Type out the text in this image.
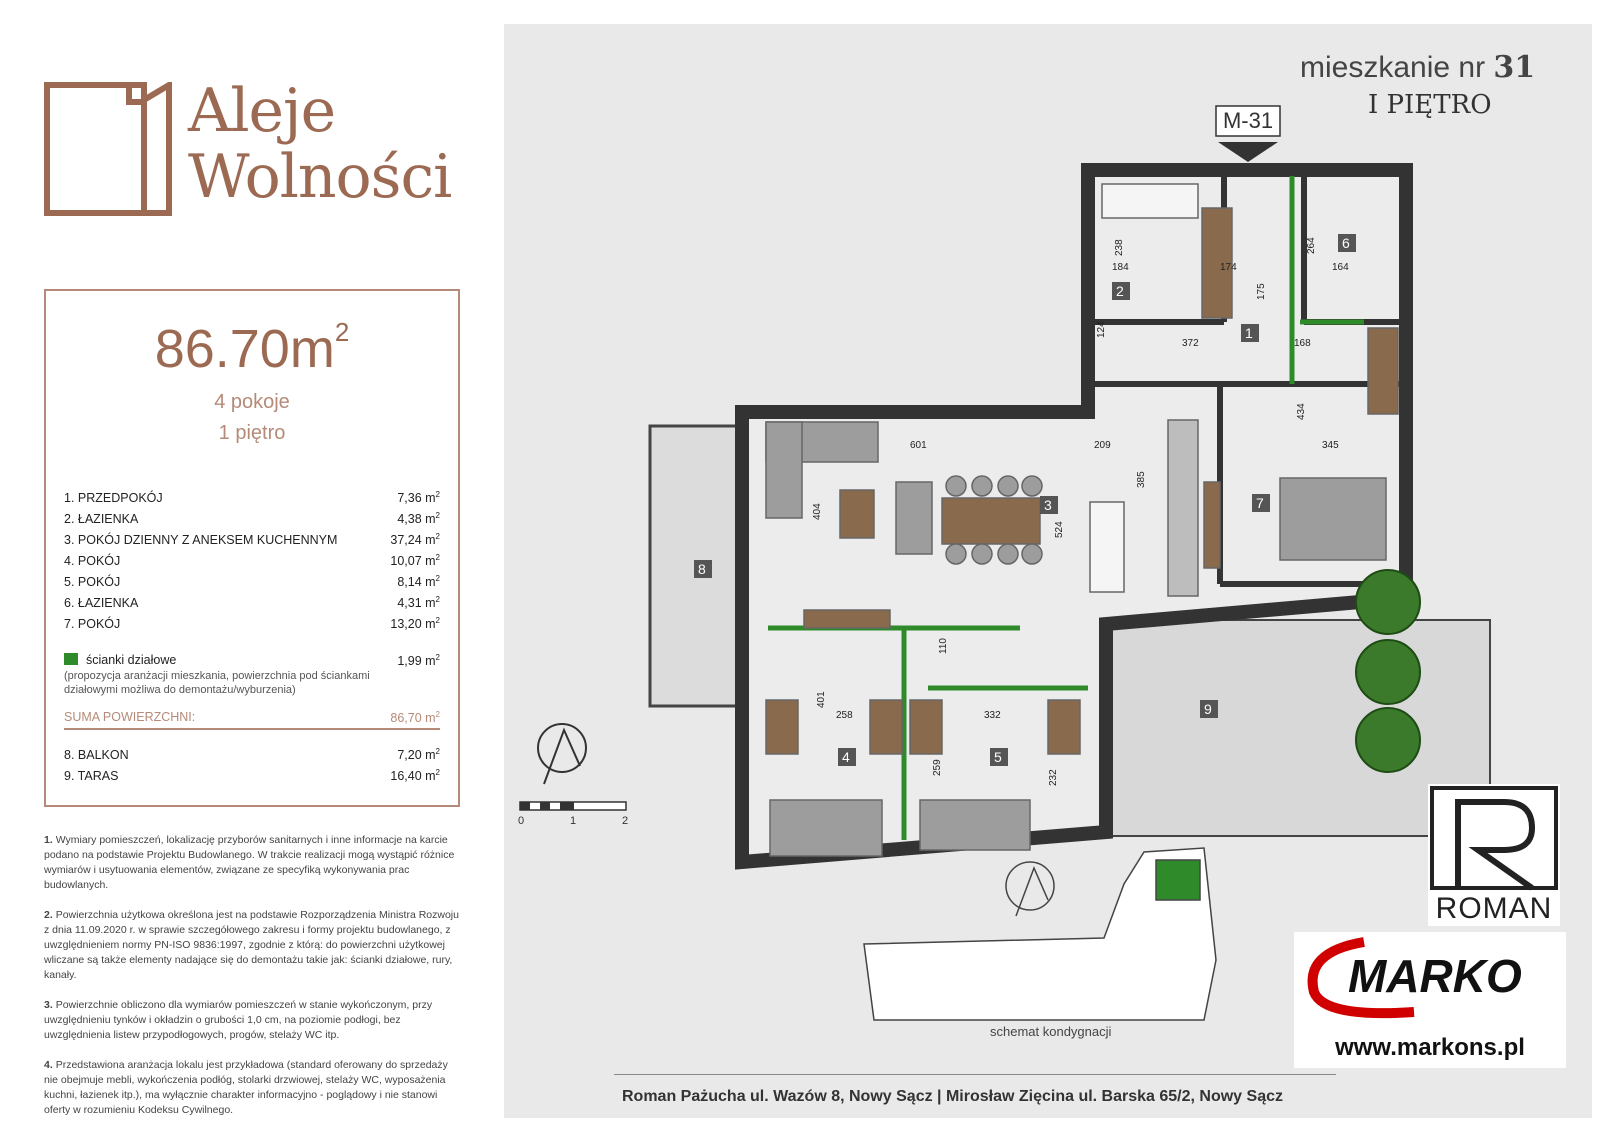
Aleje
Wolności
$86.70m^2$
4 pokoje
1 piętro
1. PRZEDPOKÓJ	7,36 $m^2$
2. ŁAZIENKA	4,38 $m^2$
3. POKÓJ DZIENNY Z ANEKSEM KUCHENNYM	37,24 $m^2$
4. POKÓJ	10,07 $m^2$
5. POKÓJ	8,14 $m^2$
6. ŁAZIENKA	4,31 $m^2$
7. POKÓJ	13,20 $m^2$
ścianki działowe	1,99 $m^2$
(propozycja aranżacji mieszkania, powierzchnia pod ściankami działowymi możliwa do demontażu/wyburzenia)
SUMA POWIERZCHNI:	86,70 $m^2$
8. BALKON	7,20 $m^2$
9. TARAS	16,40 $m^2$

1. Wymiary pomieszczeń, lokalizację przyborów sanitarnych i inne informacje na karcie podano na podstawie Projektu Budowlanego. W trakcie realizacji mogą wystąpić różnice wymiarów i usytuowania elementów, związane ze specyfiką wykonywania prac budowlanych.

2. Powierzchnia użytkowa określona jest na podstawie Rozporządzenia Ministra Rozwoju z dnia 11.09.2020 r. w sprawie szczegółowego zakresu i formy projektu budowlanego, z uwzględnieniem normy PN-ISO 9836:1997, zgodnie z którą: do powierzchni użytkowej wliczane są także elementy nadające się do demontażu takie jak: ścianki działowe, rury, kanały.

3. Powierzchnie obliczono dla wymiarów pomieszczeń w stanie wykończonym, przy uwzględnieniu tynków i okładzin o grubości 1,0 cm, na poziomie podłogi, bez uwzględnienia listew przypodłogowych, progów, stelaży WC itp.

4. Przedstawiona aranżacja lokalu jest przykładowa (standard oferowany do sprzedaży nie obejmuje mebli, wykończenia podłóg, stolarki drzwiowej, stelaży WC, wyposażenia kuchni, łazienek itp.), ma wyłącznie charakter informacyjno - poglądowy i nie stanowi oferty w rozumieniu Kodeksu Cywilnego.

mieszkanie nr 31
I PIĘTRO
1
2
3
4	5
6
7
8
9
238
184	174
175
264
164
124
372	168
601	209	345
434
404
385
524
110
401
258	332
259
232
M-31
0	1	2
schemat kondygnacji
ROMAN
MARKO
www.markons.pl
Roman Pażucha ul. Wazów 8, Nowy Sącz | Mirosław Zięcina ul. Barska 65/2, Nowy Sącz
